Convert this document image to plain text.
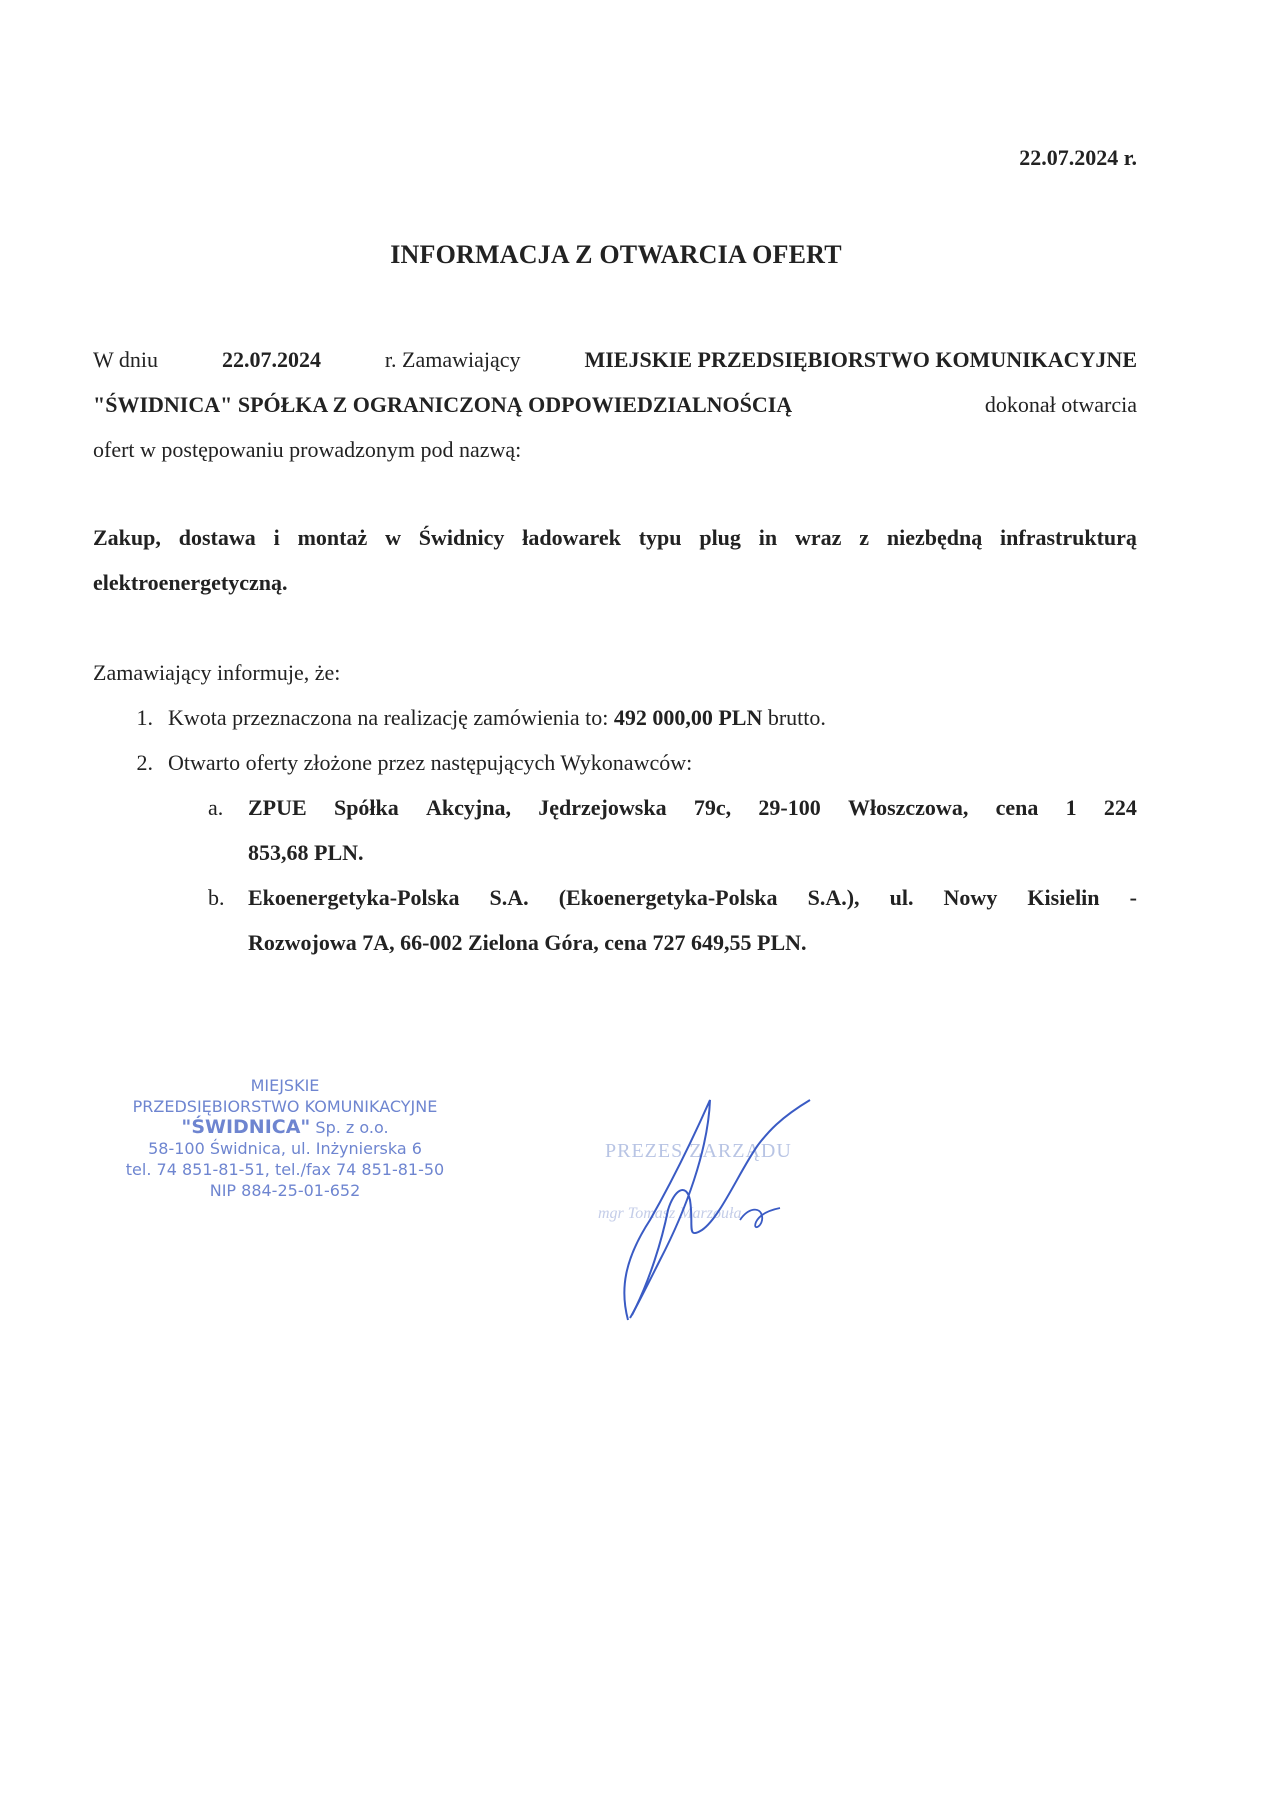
22.07.2024 r.
INFORMACJA Z OTWARCIA OFERT
W dniu	22.07.2024	r. Zamawiający	MIEJSKIE PRZEDSIĘBIORSTWO KOMUNIKACYJNE
"ŚWIDNICA" SPÓŁKA Z OGRANICZONĄ ODPOWIEDZIALNOŚCIĄ	dokonał otwarcia
ofert w postępowaniu prowadzonym pod nazwą:
Zakup, dostawa i montaż w Świdnicy ładowarek typu plug in wraz z niezbędną infrastrukturą
elektroenergetyczną.
Zamawiający informuje, że:
1. Kwota przeznaczona na realizację zamówienia to: 492 000,00 PLN brutto.
2. Otwarto oferty złożone przez następujących Wykonawców:
a. ZPUE Spółka Akcyjna, Jędrzejowska 79c, 29-100 Włoszczowa, cena 1 224
853,68 PLN.
b. Ekoenergetyka-Polska S.A. (Ekoenergetyka-Polska S.A.), ul. Nowy Kisielin -
Rozwojowa 7A, 66-002 Zielona Góra, cena 727 649,55 PLN.
MIEJSKIE
PRZEDSIĘBIORSTWO KOMUNIKACYJNE
"ŚWIDNICA" Sp. z o.o.
58-100 Świdnica, ul. Inżynierska 6
tel. 74 851-81-51, tel./fax 74 851-81-50
NIP 884-25-01-652
PREZES ZARZĄDU
mgr Tomasz Marzouła
